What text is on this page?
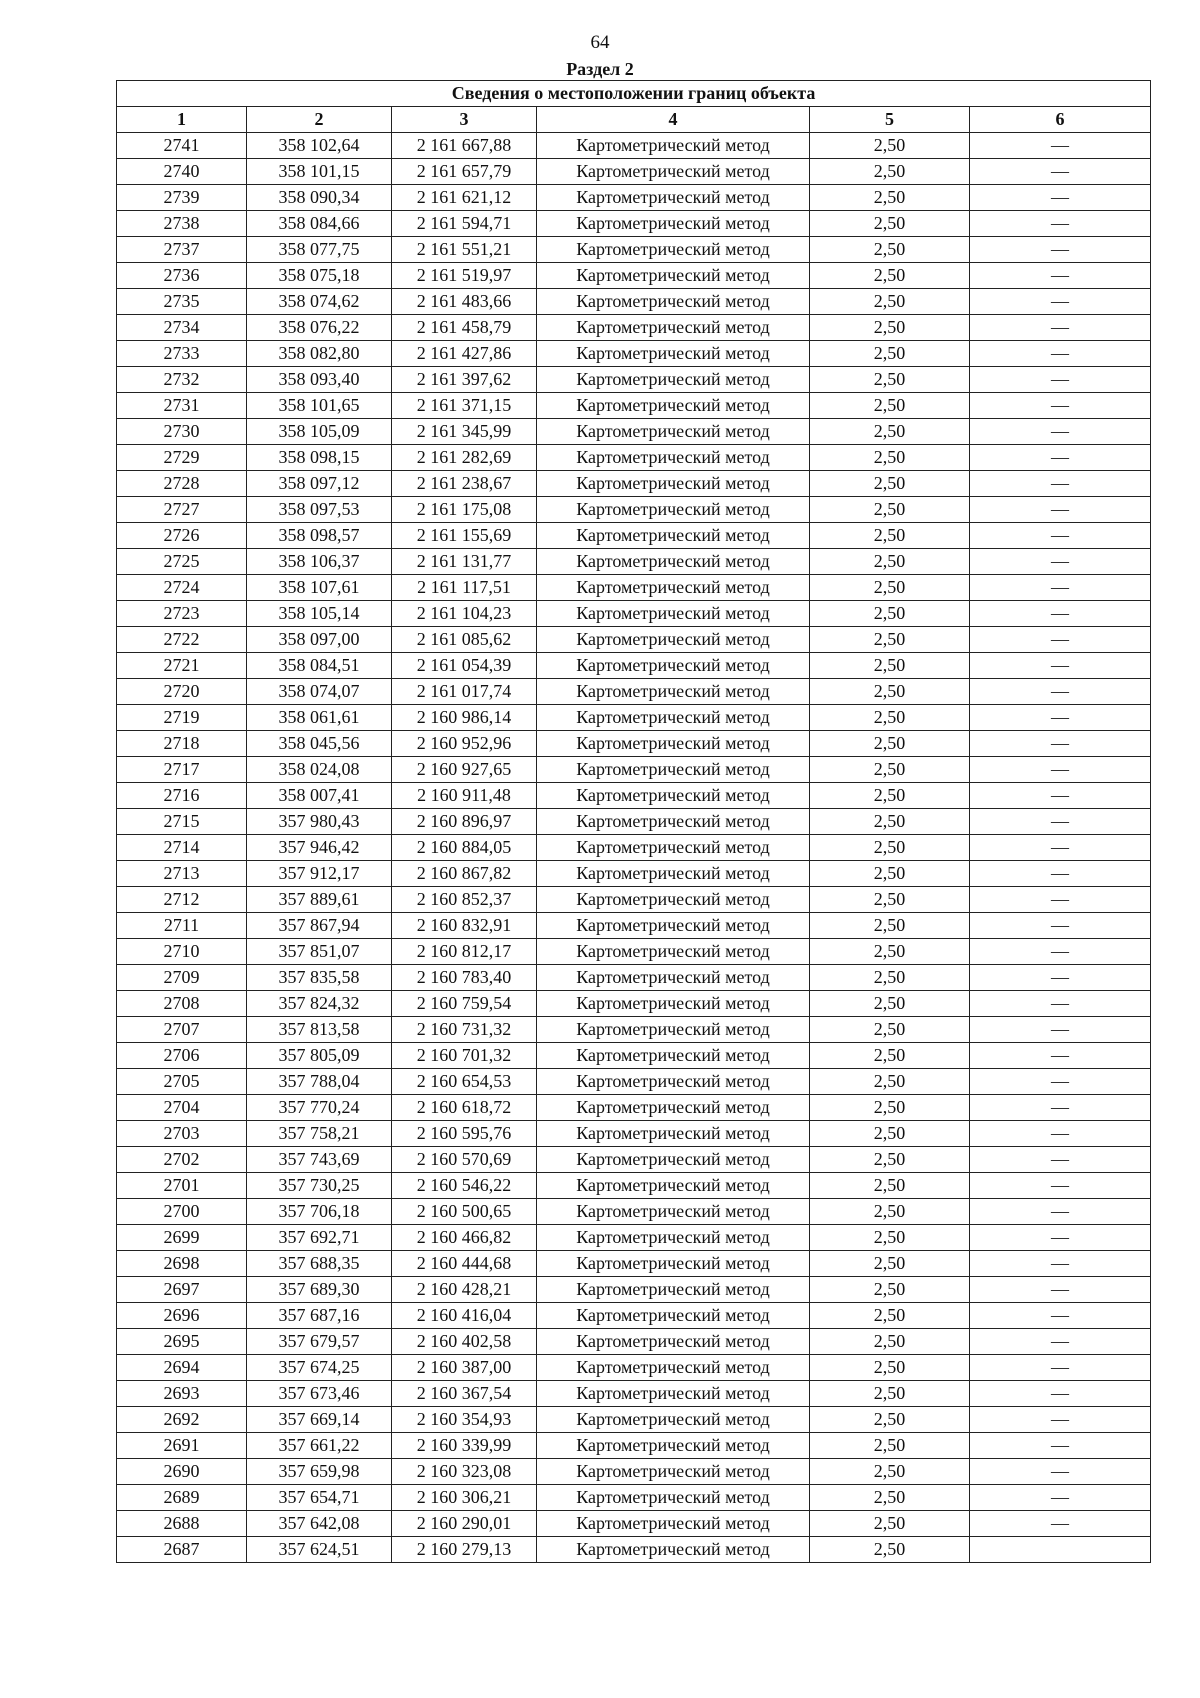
64
Раздел 2
Сведения о местоположении границ объекта					
1	2	3	4	5	6
2741	358 102,64	2 161 667,88	Картометрический метод	2,50	—
2740	358 101,15	2 161 657,79	Картометрический метод	2,50	—
2739	358 090,34	2 161 621,12	Картометрический метод	2,50	—
2738	358 084,66	2 161 594,71	Картометрический метод	2,50	—
2737	358 077,75	2 161 551,21	Картометрический метод	2,50	—
2736	358 075,18	2 161 519,97	Картометрический метод	2,50	—
2735	358 074,62	2 161 483,66	Картометрический метод	2,50	—
2734	358 076,22	2 161 458,79	Картометрический метод	2,50	—
2733	358 082,80	2 161 427,86	Картометрический метод	2,50	—
2732	358 093,40	2 161 397,62	Картометрический метод	2,50	—
2731	358 101,65	2 161 371,15	Картометрический метод	2,50	—
2730	358 105,09	2 161 345,99	Картометрический метод	2,50	—
2729	358 098,15	2 161 282,69	Картометрический метод	2,50	—
2728	358 097,12	2 161 238,67	Картометрический метод	2,50	—
2727	358 097,53	2 161 175,08	Картометрический метод	2,50	—
2726	358 098,57	2 161 155,69	Картометрический метод	2,50	—
2725	358 106,37	2 161 131,77	Картометрический метод	2,50	—
2724	358 107,61	2 161 117,51	Картометрический метод	2,50	—
2723	358 105,14	2 161 104,23	Картометрический метод	2,50	—
2722	358 097,00	2 161 085,62	Картометрический метод	2,50	—
2721	358 084,51	2 161 054,39	Картометрический метод	2,50	—
2720	358 074,07	2 161 017,74	Картометрический метод	2,50	—
2719	358 061,61	2 160 986,14	Картометрический метод	2,50	—
2718	358 045,56	2 160 952,96	Картометрический метод	2,50	—
2717	358 024,08	2 160 927,65	Картометрический метод	2,50	—
2716	358 007,41	2 160 911,48	Картометрический метод	2,50	—
2715	357 980,43	2 160 896,97	Картометрический метод	2,50	—
2714	357 946,42	2 160 884,05	Картометрический метод	2,50	—
2713	357 912,17	2 160 867,82	Картометрический метод	2,50	—
2712	357 889,61	2 160 852,37	Картометрический метод	2,50	—
2711	357 867,94	2 160 832,91	Картометрический метод	2,50	—
2710	357 851,07	2 160 812,17	Картометрический метод	2,50	—
2709	357 835,58	2 160 783,40	Картометрический метод	2,50	—
2708	357 824,32	2 160 759,54	Картометрический метод	2,50	—
2707	357 813,58	2 160 731,32	Картометрический метод	2,50	—
2706	357 805,09	2 160 701,32	Картометрический метод	2,50	—
2705	357 788,04	2 160 654,53	Картометрический метод	2,50	—
2704	357 770,24	2 160 618,72	Картометрический метод	2,50	—
2703	357 758,21	2 160 595,76	Картометрический метод	2,50	—
2702	357 743,69	2 160 570,69	Картометрический метод	2,50	—
2701	357 730,25	2 160 546,22	Картометрический метод	2,50	—
2700	357 706,18	2 160 500,65	Картометрический метод	2,50	—
2699	357 692,71	2 160 466,82	Картометрический метод	2,50	—
2698	357 688,35	2 160 444,68	Картометрический метод	2,50	—
2697	357 689,30	2 160 428,21	Картометрический метод	2,50	—
2696	357 687,16	2 160 416,04	Картометрический метод	2,50	—
2695	357 679,57	2 160 402,58	Картометрический метод	2,50	—
2694	357 674,25	2 160 387,00	Картометрический метод	2,50	—
2693	357 673,46	2 160 367,54	Картометрический метод	2,50	—
2692	357 669,14	2 160 354,93	Картометрический метод	2,50	—
2691	357 661,22	2 160 339,99	Картометрический метод	2,50	—
2690	357 659,98	2 160 323,08	Картометрический метод	2,50	—
2689	357 654,71	2 160 306,21	Картометрический метод	2,50	—
2688	357 642,08	2 160 290,01	Картометрический метод	2,50	—
2687	357 624,51	2 160 279,13	Картометрический метод	2,50	
